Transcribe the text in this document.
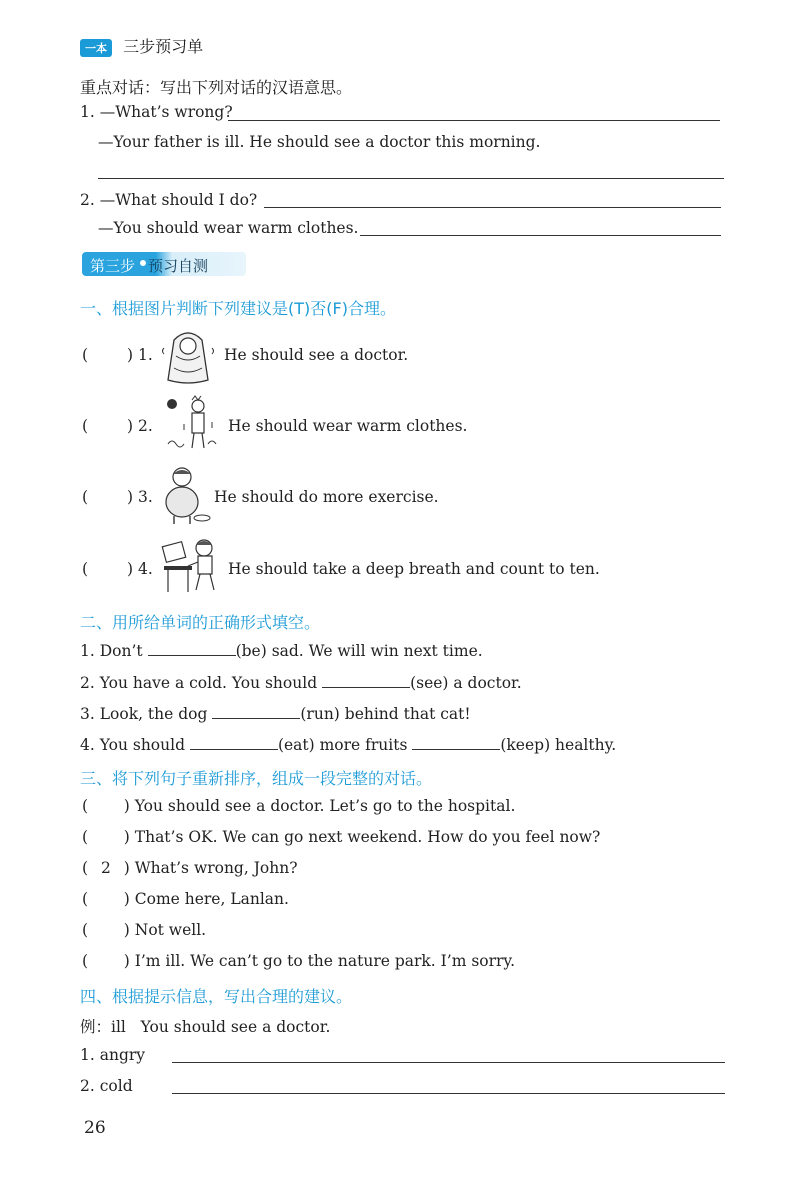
一本 三步预习单
重点对话：写出下列对话的汉语意思。
1. —What’s wrong?
—Your father is ill. He should see a doctor this morning.
2. —What should I do?
—You should wear warm clothes.
第三步 预习自测
一、根据图片判断下列建议是(T)否(F)合理。
(	) 1.	He should see a doctor.
(	) 2.	He should wear warm clothes.
(	) 3.	He should do more exercise.
(	) 4.	He should take a deep breath and count to ten.
二、用所给单词的正确形式填空。
1. Don’t	(be) sad. We will win next time.
2. You have a cold. You should	(see) a doctor.
3. Look, the dog	(run) behind that cat!
4. You should	(eat) more fruits	(keep) healthy.
三、将下列句子重新排序，组成一段完整的对话。
(    ) You should see a doctor. Let’s go to the hospital.
(    ) That’s OK. We can go next weekend. How do you feel now?
(  2  ) What’s wrong, John?
(    ) Come here, Lanlan.
(    ) Not well.
(    ) I’m ill. We can’t go to the nature park. I’m sorry.
四、根据提示信息，写出合理的建议。
例：ill You should see a doctor.
1. angry
2. cold
26
